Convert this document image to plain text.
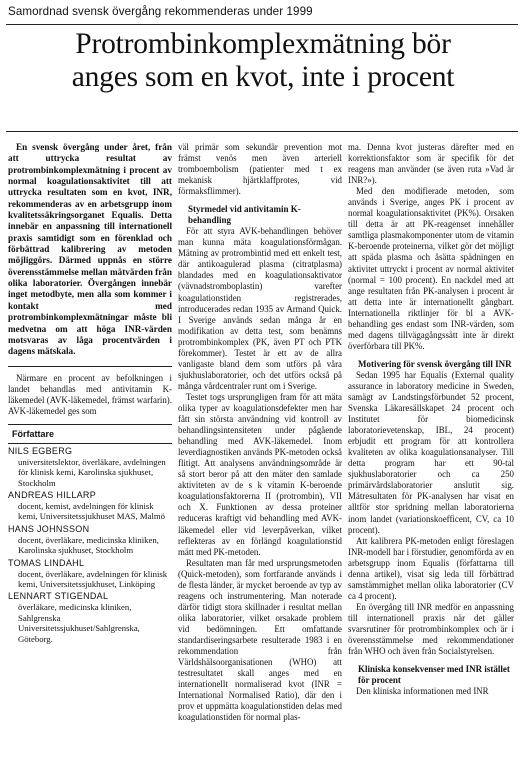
Samordnad svensk övergång rekommenderas under 1999
Protrombinkomplexmätning bör
anges som en kvot, inte i procent

En svensk övergång under året, från att uttrycka resultat av protrombinkomplexmätning i procent av normal koagulationsaktivitet till att uttrycka resultaten som en kvot, INR, rekommenderas av en arbetsgrupp inom kvalitetssäkringsorganet Equalis. Detta innebär en anpassning till internationell praxis samtidigt som en förenklad och förbättrad kalibrering av metoden möjliggörs. Därmed uppnås en större överensstämmelse mellan mätvärden från olika laboratorier. Övergången innebär inget metodbyte, men alla som kommer i kontakt med protrombinkomplexmätningar måste bli medvetna om att höga INR-värden motsvaras av låga procentvärden i dagens mätskala.

Närmare en procent av befolkningen i landet behandlas med antivitamin K-läkemedel (AVK-läkemedel, främst warfarin). AVK-läkemedel ges som

Författare
NILS EGBERG
universitetslektor, överläkare, avdelningen för klinisk kemi, Karolinska sjukhuset, Stockholm
ANDREAS HILLARP
docent, kemist, avdelningen för klinisk kemi, Universitetssjukhuset MAS, Malmö
HANS JOHNSSON
docent, överläkare, medicinska kliniken, Karolinska sjukhuset, Stockholm
TOMAS LINDAHL
docent, överläkare, avdelningen för klinisk kemi, Universitetssjukhuset, Linköping
LENNART STIGENDAL
överläkare, medicinska kliniken, Sahlgrenska Universitetssjukhuset/Sahlgrenska, Göteborg.

väl primär som sekundär prevention mot främst venös men även arteriell tromboembolism (patienter med t ex mekanisk hjärtklaffprotes, vid förmaksflimmer).

Styrmedel vid antivitamin K-behandling

För att styra AVK-behandlingen behöver man kunna mäta koagulationsförmågan. Mätning av protrombintid med ett enkelt test, där antikoagulerad plasma (citratplasma) blandades med en koagulationsaktivator (vävnadstromboplastin) varefter koagulationstiden registrerades, introducerades redan 1935 av Armand Quick. I Sverige används sedan många år en modifikation av detta test, som benämns protrombinkomplex (PK, även PT och PTK förekommer). Testet är ett av de allra vanligaste bland dem som utförs på våra sjukhuslaboratorier, och det utförs också på många vårdcentraler runt om i Sverige.

Testet togs ursprungligen fram för att mäta olika typer av koagulationsdefekter men har fått sin största användning vid kontroll av behandlingsintensiteten under pågående behandling med AVK-läkemedel. Inom leverdiagnostiken används PK-metoden också flitigt. Att analysens användningsområde är så stort beror på att den mäter den samlade aktiviteten av de s k vitamin K-beroende koagulationsfaktorerna II (protrombin), VII och X. Funktionen av dessa proteiner reduceras kraftigt vid behandling med AVK-läkemedel eller vid leverpåverkan, vilket reflekteras av en förlängd koagulationstid mätt med PK-metoden.

Resultaten man får med ursprungsmetoden (Quick-metoden), som fortfarande används i de flesta länder, är mycket beroende av typ av reagens och instrumentering. Man noterade därför tidigt stora skillnader i resultat mellan olika laboratorier, vilket orsakade problem vid bedömningen. Ett omfattande standardiseringsarbete resulterade 1983 i en rekommendation från Världshälsoorganisationen (WHO) att testresultatet skall anges med en internationellt normaliserad kvot (INR = International Normalised Ratio), där den i prov et uppmätta koagulationstiden delas med koagulationstiden för normal plas-

ma. Denna kvot justeras därefter med en korrektionsfaktor som är specifik för det reagens man använder (se även ruta »Vad är INR?»).

Med den modifierade metoden, som används i Sverige, anges PK i procent av normal koagulationsaktivitet (PK%). Orsaken till detta är att PK-reagenset innehåller samtliga plasmakomponenter utom de vitamin K-beroende proteinerna, vilket gör det möjligt att späda plasma och åsätta spädningen en aktivitet uttryckt i procent av normal aktivitet (normal = 100 procent). En nackdel med att ange resultaten från PK-analysen i procent är att detta inte är internationellt gångbart. Internationella riktlinjer för bl a AVK-behandling ges endast som INR-värden, som med dagens tillvägagångssätt inte är direkt överförbara till PK%.

Motivering för svensk övergång till INR

Sedan 1995 har Equalis (External quality assurance in laboratory medicine in Sweden, samägt av Landstingsförbundet 52 procent, Svenska Läkaresällskapet 24 procent och Institutet för biomedicinsk laboratorievetenskap, IBL, 24 procent) erbjudit ett program för att kontrollera kvaliteten av olika koagulationsanalyser. Till detta program har ett 90-tal sjukhuslaboratorier och ca 250 primärvårdslaboratorier anslutit sig. Mätresultaten för PK-analysen har visat en alltför stor spridning mellan laboratorierna inom landet (variationskoefficent, CV, ca 10 procent).

Att kalibrera PK-metoden enligt föreslagen INR-modell har i förstudier, genomförda av en arbetsgrupp inom Equalis (författarna till denna artikel), visat sig leda till förbättrad samstämmighet mellan olika laboratorier (CV ca 4 procent).

En övergång till INR medför en anpassning till internationell praxis när det gäller svarsrutiner för protrombinkomplex och är i överensstämmelse med rekommendationer från WHO och även från Socialstyrelsen.

Kliniska konsekvenser med INR istället för procent

Den kliniska informationen med INR
